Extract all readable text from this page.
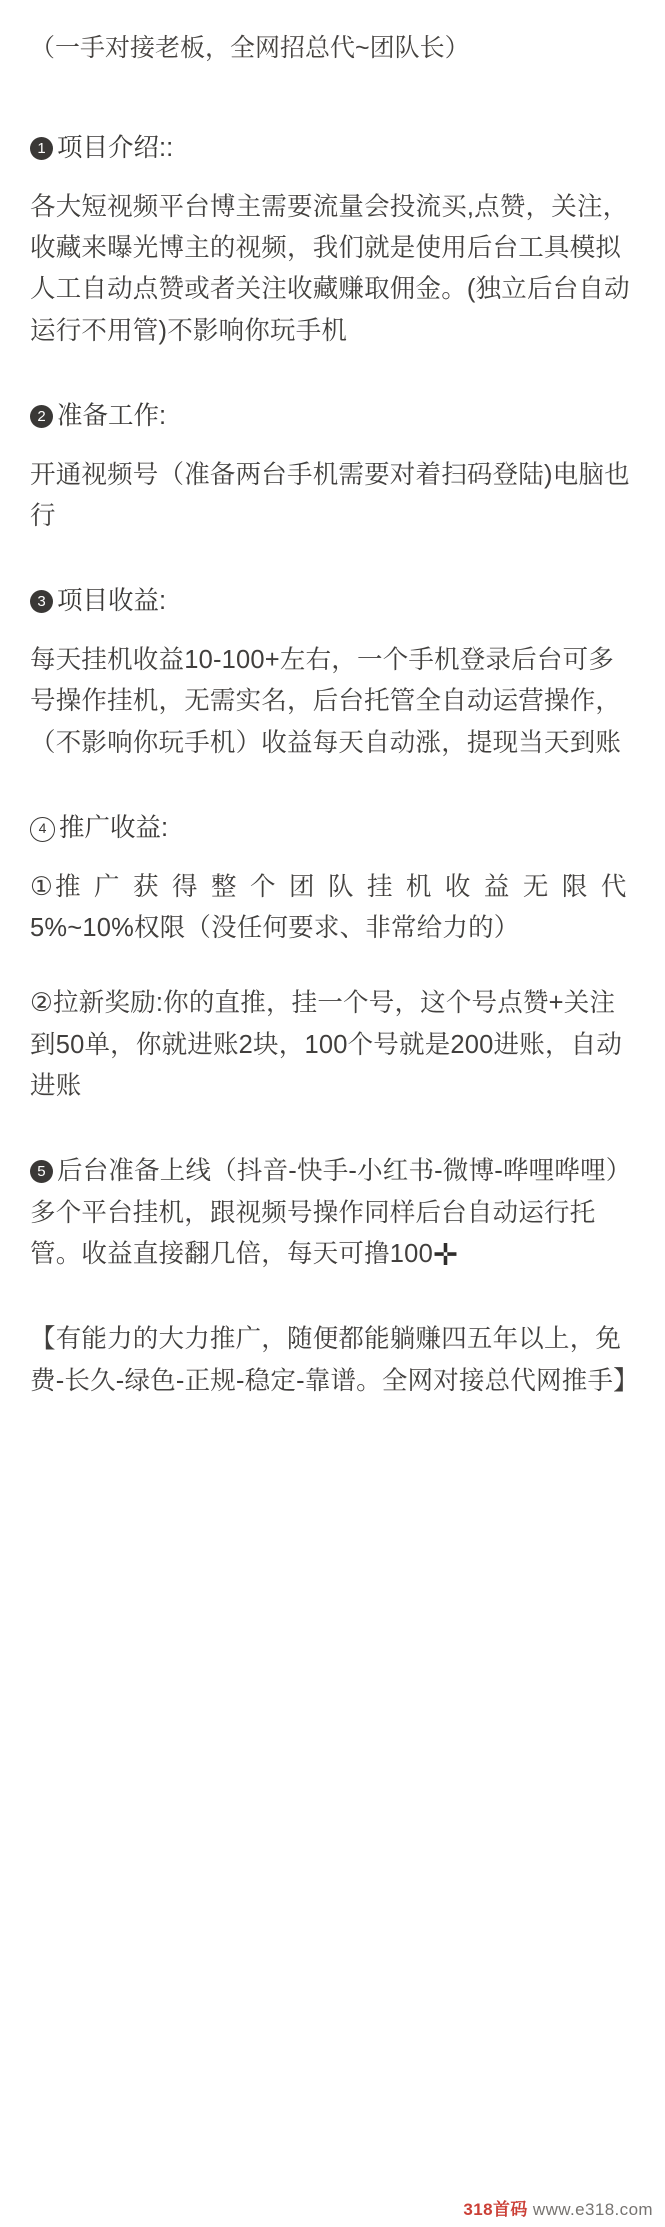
（一手对接老板，全网招总代~团队长）

1 项目介绍::

各大短视频平台博主需要流量会投流买,点赞，关注，收藏来曝光博主的视频，我们就是使用后台工具模拟人工自动点赞或者关注收藏赚取佣金。(独立后台自动运行不用管)不影响你玩手机

2 准备工作:

开通视频号（准备两台手机需要对着扫码登陆)电脑也行

3 项目收益:

每天挂机收益10-100+左右，一个手机登录后台可多号操作挂机，无需实名，后台托管全自动运营操作，（不影响你玩手机）收益每天自动涨，提现当天到账

4 推广收益:

①推 广 获 得 整 个 团 队 挂 机 收 益 无 限 代
5%~10%权限（没任何要求、非常给力的）

②拉新奖励:你的直推，挂一个号，这个号点赞+关注到50单，你就进账2块，100个号就是200进账，自动进账

5 后台准备上线（抖音-快手-小红书-微博-哗哩哗哩）多个平台挂机，跟视频号操作同样后台自动运行托管。收益直接翻几倍，每天可撸100✛

【有能力的大力推广，随便都能躺赚四五年以上，免费-长久-绿色-正规-稳定-靠谱。全网对接总代网推手】

318首码 www.e318.com
